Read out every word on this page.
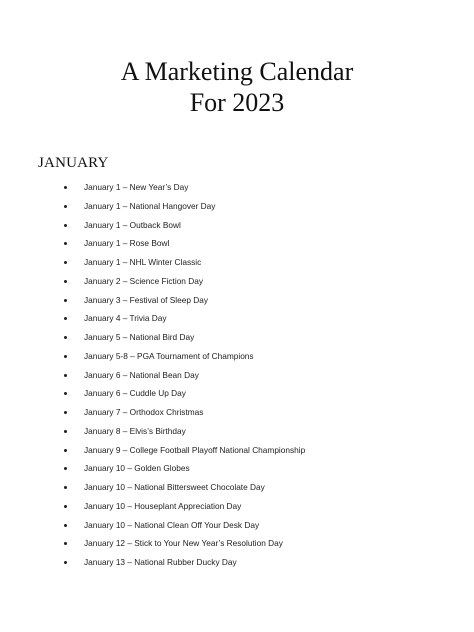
A Marketing Calendar
For 2023
JANUARY
January 1 – New Year’s Day
January 1 – National Hangover Day
January 1 – Outback Bowl
January 1 – Rose Bowl
January 1 – NHL Winter Classic
January 2 – Science Fiction Day
January 3 – Festival of Sleep Day
January 4 – Trivia Day
January 5 – National Bird Day
January 5-8 – PGA Tournament of Champions
January 6 – National Bean Day
January 6 – Cuddle Up Day
January 7 – Orthodox Christmas
January 8 – Elvis’s Birthday
January 9 – College Football Playoff National Championship
January 10 – Golden Globes
January 10 – National Bittersweet Chocolate Day
January 10 – Houseplant Appreciation Day
January 10 – National Clean Off Your Desk Day
January 12 – Stick to Your New Year’s Resolution Day
January 13 – National Rubber Ducky Day
